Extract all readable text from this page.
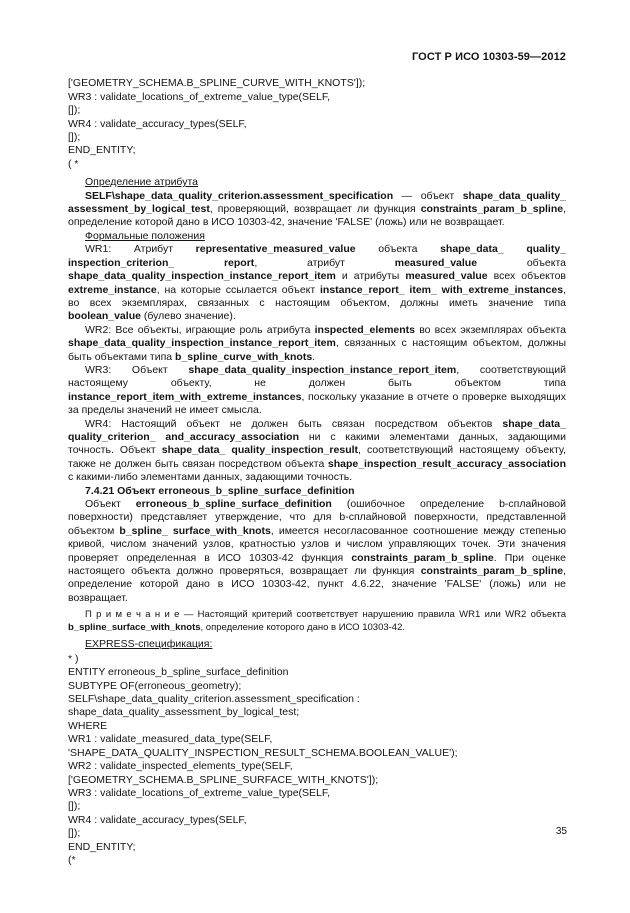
ГОСТ Р ИСО 10303-59—2012
['GEOMETRY_SCHEMA.B_SPLINE_CURVE_WITH_KNOTS']);
WR3 : validate_locations_of_extreme_value_type(SELF,
[]);
WR4 : validate_accuracy_types(SELF,
[]);
END_ENTITY;
( *

Определение атрибута

SELF\shape_data_quality_criterion.assessment_specification — объект shape_data_quality_ assessment_by_logical_test, проверяющий, возвращает ли функция constraints_param_b_spline, определение которой дано в ИСО 10303-42, значение 'FALSE' (ложь) или не возвращает.

Формальные положения

WR1: Атрибут representative_measured_value объекта shape_data_ quality_ inspection_criterion_ report, атрибут measured_value объекта shape_data_quality_inspection_instance_report_item и атрибуты measured_value всех объектов extreme_instance, на которые ссылается объект instance_report_ item_ with_extreme_instances, во всех экземплярах, связанных с настоящим объектом, должны иметь значение типа boolean_value (булево значение).

WR2: Все объекты, играющие роль атрибута inspected_elements во всех экземплярах объекта shape_data_quality_inspection_instance_report_item, связанных с настоящим объектом, должны быть объектами типа b_spline_curve_with_knots.

WR3: Объект shape_data_quality_inspection_instance_report_item, соответствующий настоящему объекту, не должен быть объектом типа instance_report_item_with_extreme_instances, поскольку указание в отчете о проверке выходящих за пределы значений не имеет смысла.

WR4: Настоящий объект не должен быть связан посредством объектов shape_data_ quality_criterion_ and_accuracy_association ни с какими элементами данных, задающими точность. Объект shape_data_ quality_inspection_result, соответствующий настоящему объекту, также не должен быть связан посредством объекта shape_inspection_result_accuracy_association с какими-либо элементами данных, задающими точность.

7.4.21 Объект erroneous_b_spline_surface_definition

Объект erroneous_b_spline_surface_definition (ошибочное определение b-сплайновой поверхности) представляет утверждение, что для b-сплайновой поверхности, представленной объектом b_spline_ surface_with_knots, имеется несогласованное соотношение между степенью кривой, числом значений узлов, кратностью узлов и числом управляющих точек. Эти значения проверяет определенная в ИСО 10303-42 функция constraints_param_b_spline. При оценке настоящего объекта должно проверяться, возвращает ли функция constraints_param_b_spline, определение которой дано в ИСО 10303-42, пункт 4.6.22, значение 'FALSE' (ложь) или не возвращает.

П р и м е ч а н и е — Настоящий критерий соответствует нарушению правила WR1 или WR2 объекта b_spline_surface_with_knots, определение которого дано в ИСО 10303-42.

EXPRESS-спецификация:

* )
ENTITY erroneous_b_spline_surface_definition
SUBTYPE OF(erroneous_geometry);
SELF\shape_data_quality_criterion.assessment_specification :
shape_data_quality_assessment_by_logical_test;
WHERE
WR1 : validate_measured_data_type(SELF,
'SHAPE_DATA_QUALITY_INSPECTION_RESULT_SCHEMA.BOOLEAN_VALUE');
WR2 : validate_inspected_elements_type(SELF,
['GEOMETRY_SCHEMA.B_SPLINE_SURFACE_WITH_KNOTS']);
WR3 : validate_locations_of_extreme_value_type(SELF,
[]);
WR4 : validate_accuracy_types(SELF,
[]);
END_ENTITY;
(*
35
